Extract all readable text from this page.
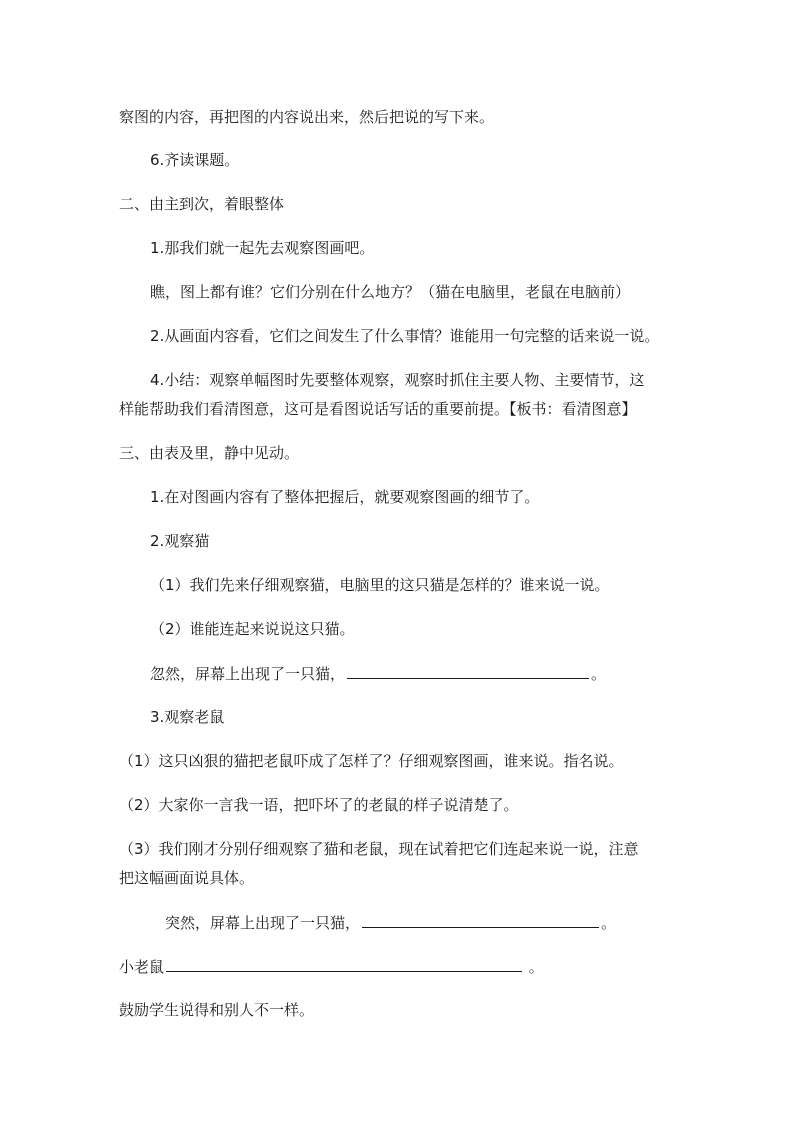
察图的内容，再把图的内容说出来，然后把说的写下来。
6.齐读课题。
二、由主到次，着眼整体
1.那我们就一起先去观察图画吧。
瞧，图上都有谁？它们分别在什么地方？（猫在电脑里，老鼠在电脑前）
2.从画面内容看，它们之间发生了什么事情？谁能用一句完整的话来说一说。
4.小结：观察单幅图时先要整体观察，观察时抓住主要人物、主要情节，这
样能帮助我们看清图意，这可是看图说话写话的重要前提。【板书：看清图意】
三、由表及里，静中见动。
1.在对图画内容有了整体把握后，就要观察图画的细节了。
2.观察猫
（1）我们先来仔细观察猫，电脑里的这只猫是怎样的？谁来说一说。
（2）谁能连起来说说这只猫。
忽然，屏幕上出现了一只猫，	。
3.观察老鼠
（1）这只凶狠的猫把老鼠吓成了怎样了？仔细观察图画，谁来说。指名说。
（2）大家你一言我一语，把吓坏了的老鼠的样子说清楚了。
（3）我们刚才分别仔细观察了猫和老鼠，现在试着把它们连起来说一说，注意
把这幅画面说具体。
突然，屏幕上出现了一只猫，	。
小老鼠	。
鼓励学生说得和别人不一样。
